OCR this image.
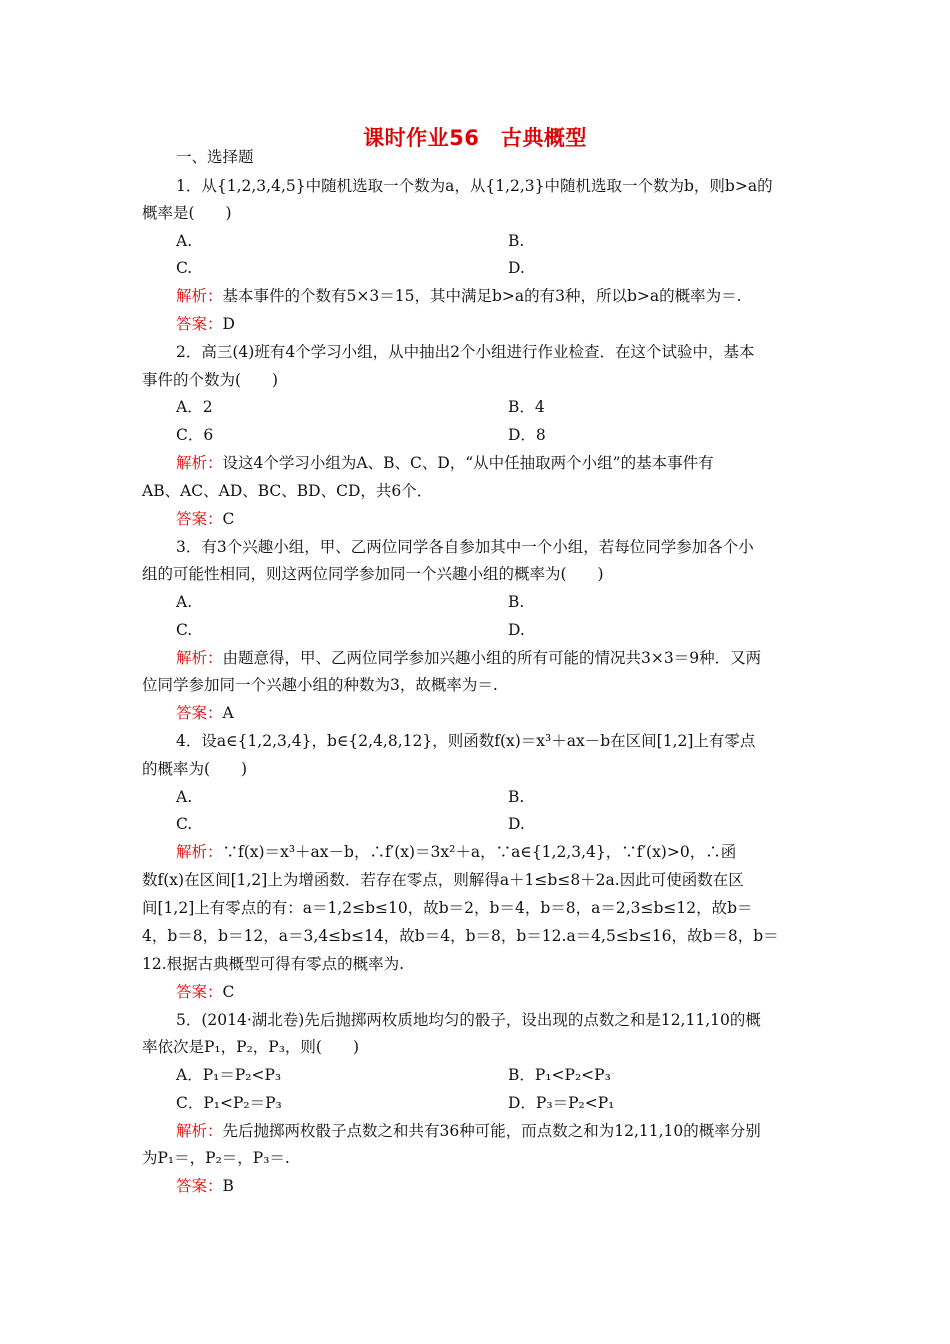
课时作业56　古典概型
一、选择题
1．从{1,2,3,4,5}中随机选取一个数为a，从{1,2,3}中随机选取一个数为b，则b>a的
概率是(　　)
A.	B.
C.	D.
解析：基本事件的个数有5×3＝15，其中满足b>a的有3种，所以b>a的概率为＝.
答案：D
2．高三(4)班有4个学习小组，从中抽出2个小组进行作业检查．在这个试验中，基本
事件的个数为(　　)
A．2	B．4
C．6	D．8
解析：设这4个学习小组为A、B、C、D，“从中任抽取两个小组”的基本事件有
AB、AC、AD、BC、BD、CD，共6个．
答案：C
3．有3个兴趣小组，甲、乙两位同学各自参加其中一个小组，若每位同学参加各个小
组的可能性相同，则这两位同学参加同一个兴趣小组的概率为(　　)
A.	B.
C.	D.
解析：由题意得，甲、乙两位同学参加兴趣小组的所有可能的情况共3×3＝9种．又两
位同学参加同一个兴趣小组的种数为3，故概率为＝.
答案：A
4．设a∈{1,2,3,4}，b∈{2,4,8,12}，则函数f(x)＝x³＋ax－b在区间[1,2]上有零点
的概率为(　　)
A.	B.
C.	D.
解析：∵f(x)＝x³＋ax－b，∴f′(x)＝3x²＋a，∵a∈{1,2,3,4}，∵f′(x)>0，∴函
数f(x)在区间[1,2]上为增函数．若存在零点，则解得a＋1≤b≤8＋2a.因此可使函数在区
间[1,2]上有零点的有：a＝1,2≤b≤10，故b＝2，b＝4，b＝8，a＝2,3≤b≤12，故b＝
4，b＝8，b＝12，a＝3,4≤b≤14，故b＝4，b＝8，b＝12.a＝4,5≤b≤16，故b＝8，b＝
12.根据古典概型可得有零点的概率为.
答案：C
5．(2014·湖北卷)先后抛掷两枚质地均匀的骰子，设出现的点数之和是12,11,10的概
率依次是P₁，P₂，P₃，则(　　)
A．P₁＝P₂<P₃	B．P₁<P₂<P₃
C．P₁<P₂＝P₃	D．P₃＝P₂<P₁
解析：先后抛掷两枚骰子点数之和共有36种可能，而点数之和为12,11,10的概率分别
为P₁＝，P₂＝，P₃＝.
答案：B
